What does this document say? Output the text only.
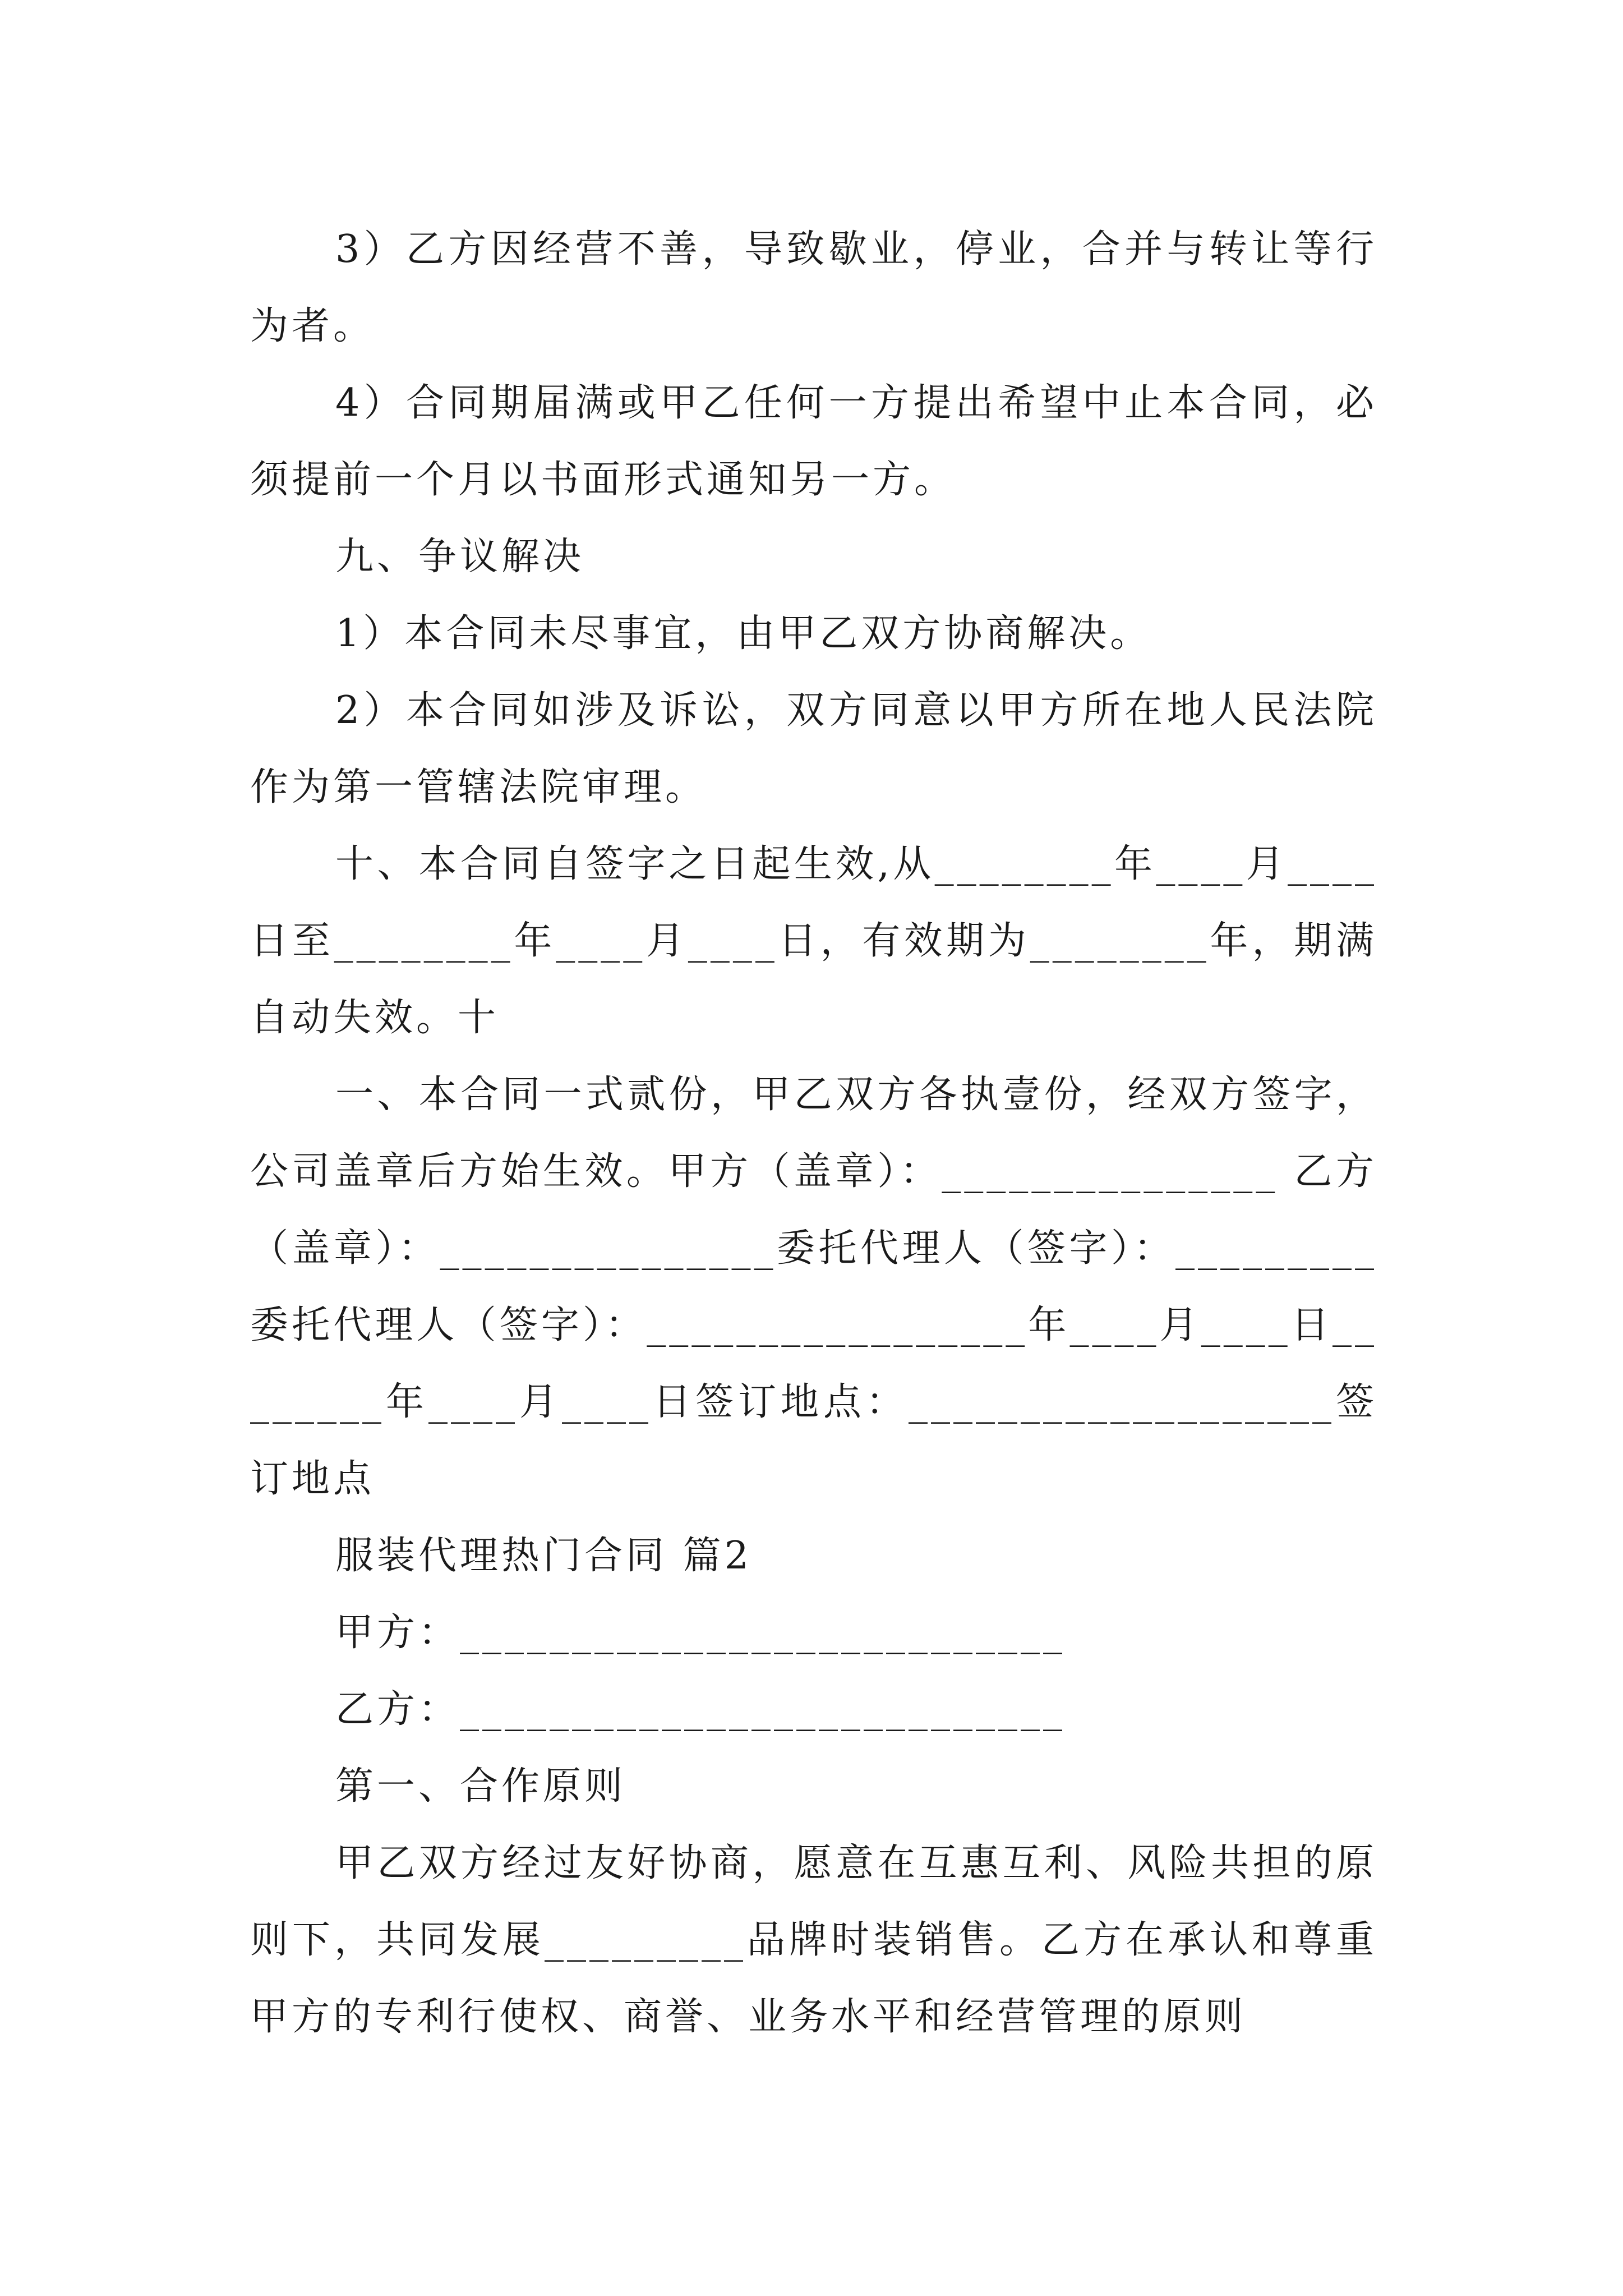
3）乙方因经营不善，导致歇业，停业，合并与转让等行为者。

4）合同期届满或甲乙任何一方提出希望中止本合同，必须提前一个月以书面形式通知另一方。

九、争议解决

1）本合同未尽事宜，由甲乙双方协商解决。

2）本合同如涉及诉讼，双方同意以甲方所在地人民法院作为第一管辖法院审理。

十、本合同自签字之日起生效,从________年____月____日至________年____月____日，有效期为________年，期满自动失效。十

一、本合同一式贰份，甲乙双方各执壹份，经双方签字，公司盖章后方始生效。甲方（盖章）：_______________ 乙方（盖章）：_______________委托代理人（签字）：_________委托代理人（签字）：_________________年____月____日________年____月____日签订地点：___________________签订地点

服装代理热门合同 篇2

甲方：___________________________

乙方：___________________________

第一、合作原则

甲乙双方经过友好协商，愿意在互惠互利、风险共担的原则下，共同发展_________品牌时装销售。乙方在承认和尊重甲方的专利行使权、商誉、业务水平和经营管理的原则
